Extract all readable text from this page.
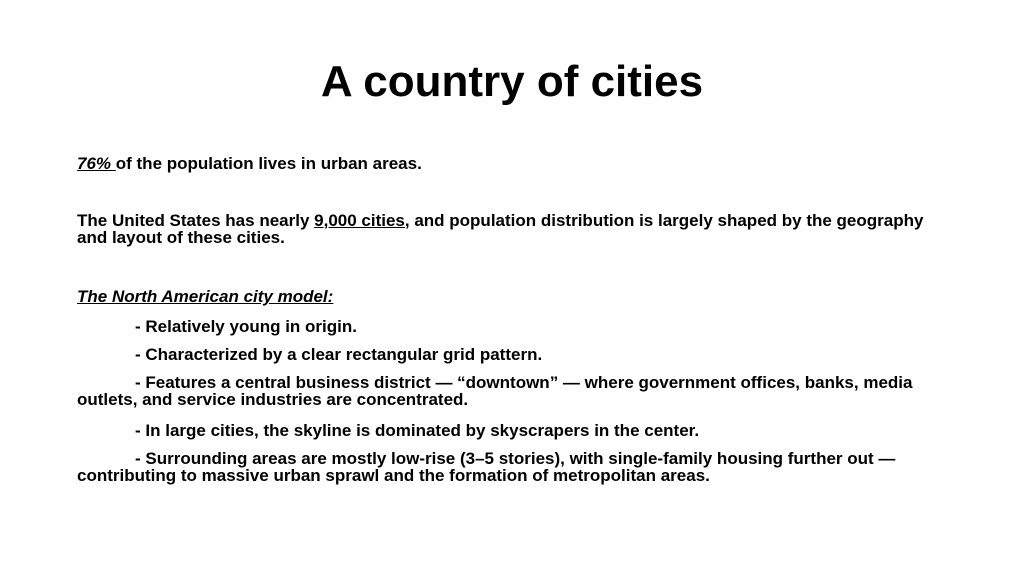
A country of cities

76% of the population lives in urban areas.

The United States has nearly 9,000 cities, and population distribution is largely shaped by the geography and layout of these cities.

The North American city model:

- Relatively young in origin.

- Characterized by a clear rectangular grid pattern.

- Features a central business district — “downtown” — where government offices, banks, media outlets, and service industries are concentrated.

- In large cities, the skyline is dominated by skyscrapers in the center.

- Surrounding areas are mostly low-rise (3–5 stories), with single-family housing further out — contributing to massive urban sprawl and the formation of metropolitan areas.
